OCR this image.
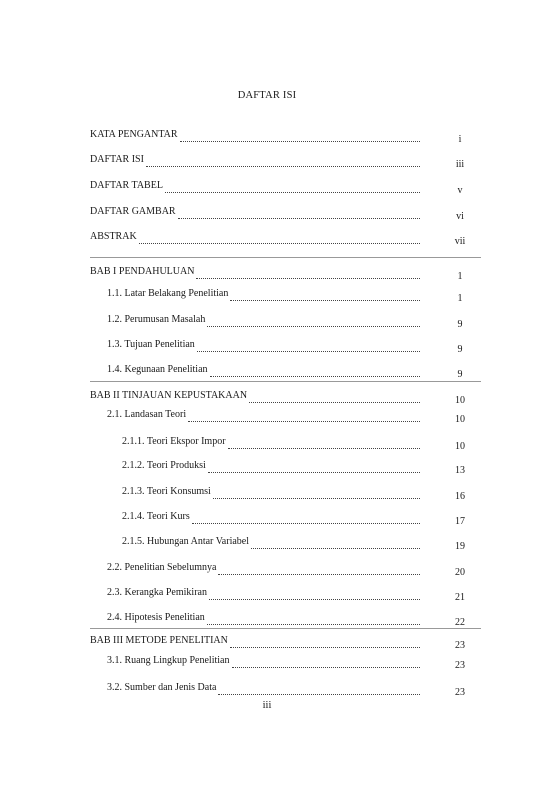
DAFTAR ISI
KATA PENGANTAR	i
DAFTAR ISI	iii
DAFTAR TABEL	v
DAFTAR GAMBAR	vi
ABSTRAK	vii
BAB I PENDAHULUAN	1
1.1. Latar Belakang Penelitian	1
1.2. Perumusan Masalah	9
1.3. Tujuan Penelitian	9
1.4. Kegunaan Penelitian	9
BAB II TINJAUAN KEPUSTAKAAN	10
2.1. Landasan Teori	10
2.1.1. Teori Ekspor Impor	10
2.1.2. Teori Produksi	13
2.1.3. Teori Konsumsi	16
2.1.4. Teori Kurs	17
2.1.5. Hubungan Antar Variabel	19
2.2. Penelitian Sebelumnya	20
2.3. Kerangka Pemikiran	21
2.4. Hipotesis Penelitian	22
BAB III METODE PENELITIAN	23
3.1. Ruang Lingkup Penelitian	23
3.2. Sumber dan Jenis Data	23
iii
